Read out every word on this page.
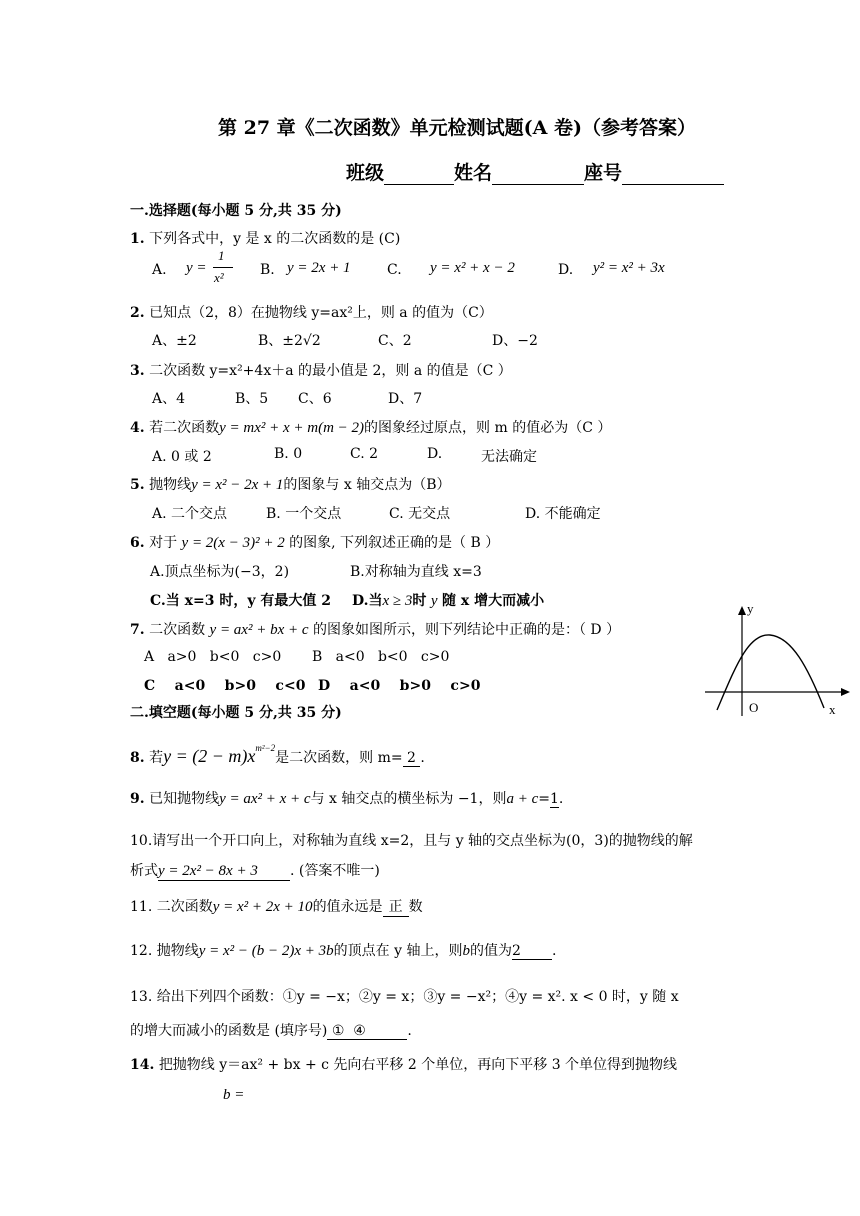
第 27 章《二次函数》单元检测试题(A 卷)（参考答案）
班级	姓名	座号
一.选择题(每小题 5 分,共 35 分)
1. 下列各式中，y 是 x 的二次函数的是 (C)
A. y =
1
x²	B. y = 2x + 1	C. y = x² + x − 2	D. y² = x² + 3x
2. 已知点（2，8）在抛物线 y=ax²上，则 a 的值为（C）
A、±2	B、±2√2	C、2	D、−2
3. 二次函数 y=x²+4x＋a 的最小值是 2，则 a 的值是（C ）
A、4	B、5 C、6	D、7
4. 若二次函数y = mx² + x + m(m − 2)的图象经过原点，则 m 的值必为（C ）
A. 0 或 2	B. 0	C. 2	D.	无法确定
5. 抛物线y = x² − 2x + 1的图象与 x 轴交点为（B）
A. 二个交点	B. 一个交点	C. 无交点	D. 不能确定
6. 对于 y = 2(x − 3)² + 2 的图象, 下列叙述正确的是（ B ）
A.顶点坐标为(−3，2)	B.对称轴为直线 x=3
C.当 x=3 时，y 有最大值 2 D.当x ≥ 3时 y 随 x 增大而减小
7. 二次函数 y = ax² + bx + c 的图象如图所示，则下列结论中正确的是：（ D ）
A   a>0   b<0   c>0 B   a<0   b<0   c>0
C    a<0    b>0    c<0 D    a<0    b>0    c>0
y
O	x
二.填空题(每小题 5 分,共 35 分)
8. 若$y = (2 - m)x^{m^2-2}$是二次函数，则 m= 2 .
9. 已知抛物线y = ax² + x + c与 x 轴交点的横坐标为 −1，则a + c=1.
10.请写出一个开口向上，对称轴为直线 x=2，且与 y 轴的交点坐标为(0，3)的抛物线的解
析式y = 2x² − 8x + 3 . (答案不唯一)
11. 二次函数y = x² + 2x + 10的值永远是 正 数
12. 抛物线y = x² − (b − 2)x + 3b的顶点在 y 轴上，则b的值为2 .
13. 给出下列四个函数：①y = −x；②y = x；③y = −x²；④y = x². x < 0 时，y 随 x
的增大而减小的函数是 (填序号) ①  ④	.
14. 把抛物线 y＝ax² + bx + c 先向右平移 2 个单位，再向下平移 3 个单位得到抛物线
b =
